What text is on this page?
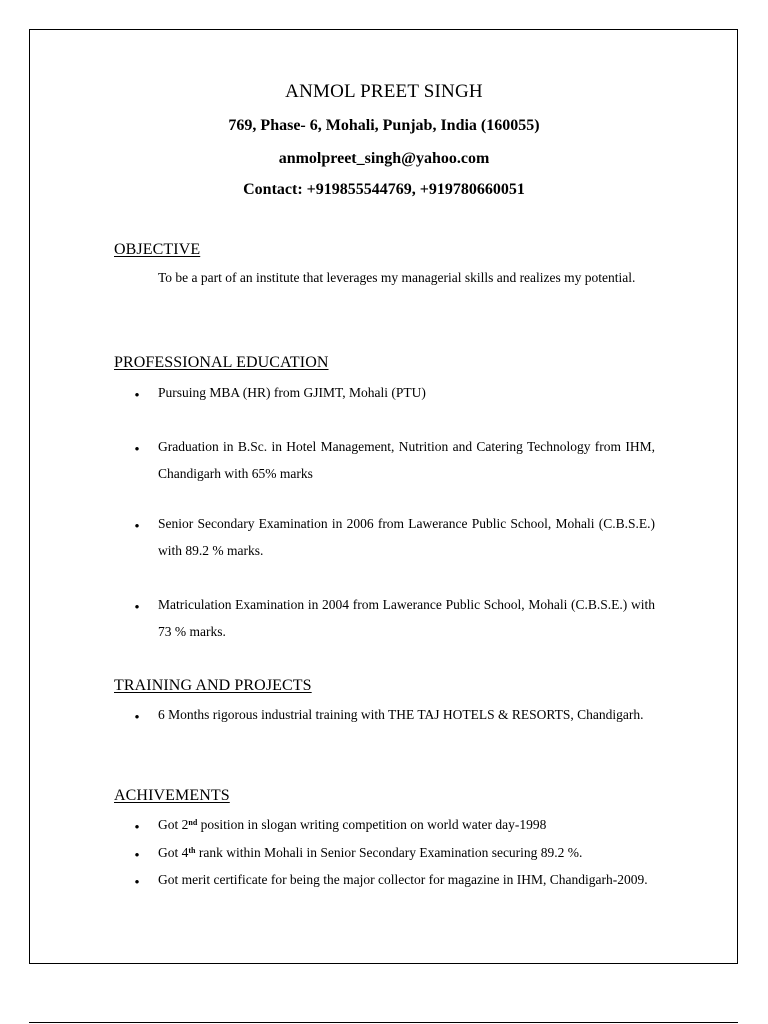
ANMOL PREET SINGH
769, Phase- 6, Mohali, Punjab, India (160055)
anmolpreet_singh@yahoo.com
Contact: +919855544769, +919780660051
OBJECTIVE
To be a part of an institute that leverages my managerial skills and realizes my potential.
PROFESSIONAL EDUCATION
• Pursuing MBA (HR) from GJIMT, Mohali (PTU)
• Graduation in B.Sc. in Hotel Management, Nutrition and Catering Technology from IHM, Chandigarh with 65% marks
• Senior Secondary Examination in 2006 from Lawerance Public School, Mohali (C.B.S.E.) with 89.2 % marks.
• Matriculation Examination in 2004 from Lawerance Public School, Mohali (C.B.S.E.) with 73 % marks.
TRAINING AND PROJECTS
• 6 Months rigorous industrial training with THE TAJ HOTELS & RESORTS, Chandigarh.
ACHIVEMENTS
• Got 2nd position in slogan writing competition on world water day-1998
• Got 4th rank within Mohali in Senior Secondary Examination securing 89.2 %.
• Got merit certificate for being the major collector for magazine in IHM, Chandigarh-2009.
